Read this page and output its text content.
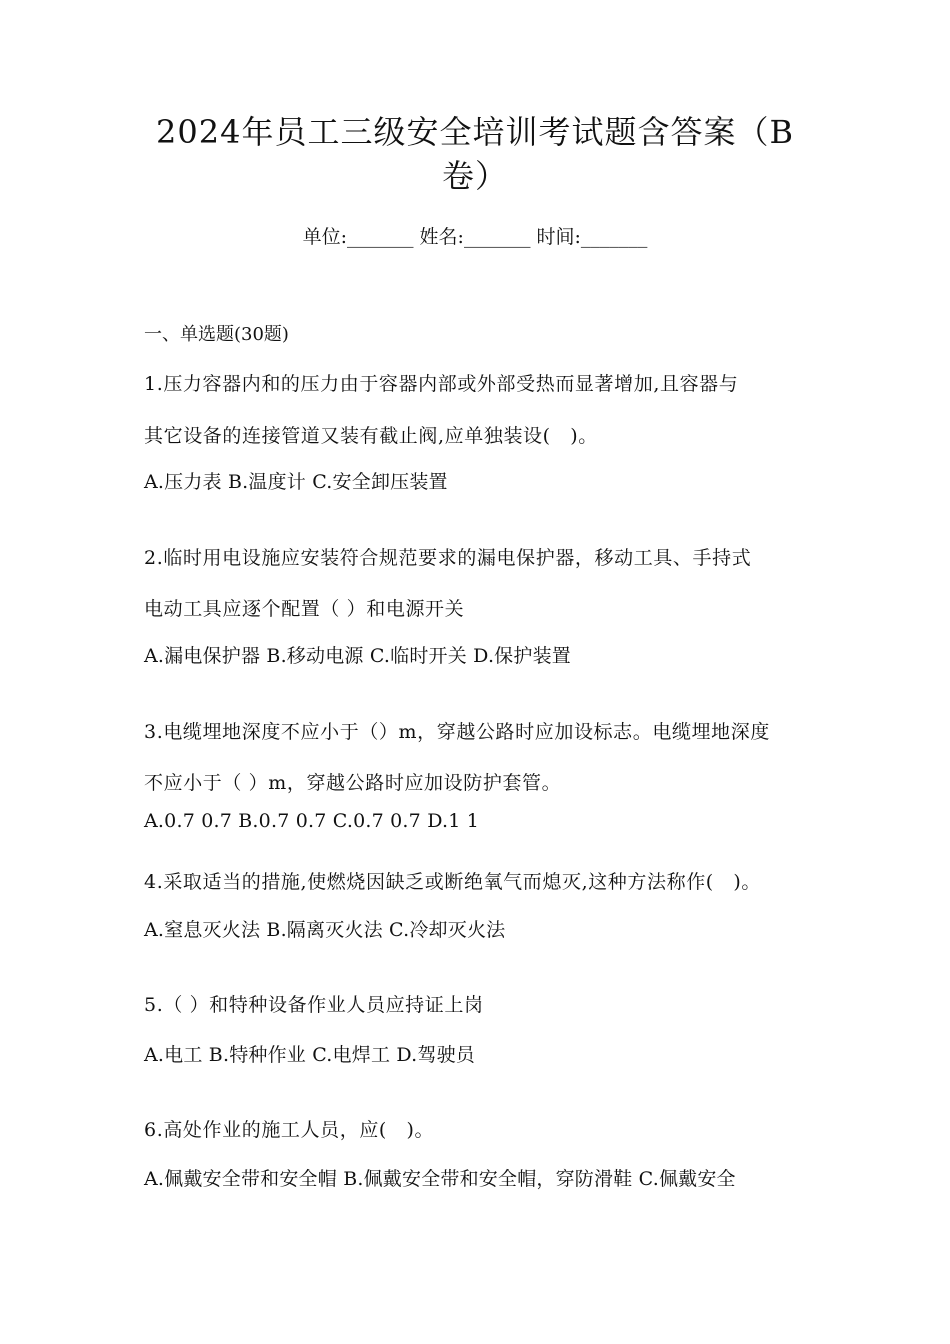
2024年员工三级安全培训考试题含答案（B
卷）
单位:_______ 姓名:_______ 时间:_______
一、单选题(30题)
1.压力容器内和的压力由于容器内部或外部受热而显著增加,且容器与
其它设备的连接管道又装有截止阀,应单独装设(　)。
A.压力表 B.温度计 C.安全卸压装置
2.临时用电设施应安装符合规范要求的漏电保护器，移动工具、手持式
电动工具应逐个配置（ ）和电源开关
A.漏电保护器 B.移动电源 C.临时开关 D.保护装置
3.电缆埋地深度不应小于（）m，穿越公路时应加设标志。电缆埋地深度
不应小于（ ）m，穿越公路时应加设防护套管。
A.0.7 0.7 B.0.7 0.7 C.0.7 0.7 D.1 1
4.采取适当的措施,使燃烧因缺乏或断绝氧气而熄灭,这种方法称作(　)。
A.窒息灭火法 B.隔离灭火法 C.冷却灭火法
5.（ ）和特种设备作业人员应持证上岗
A.电工 B.特种作业 C.电焊工 D.驾驶员
6.高处作业的施工人员，应(　)。
A.佩戴安全带和安全帽 B.佩戴安全带和安全帽，穿防滑鞋 C.佩戴安全
